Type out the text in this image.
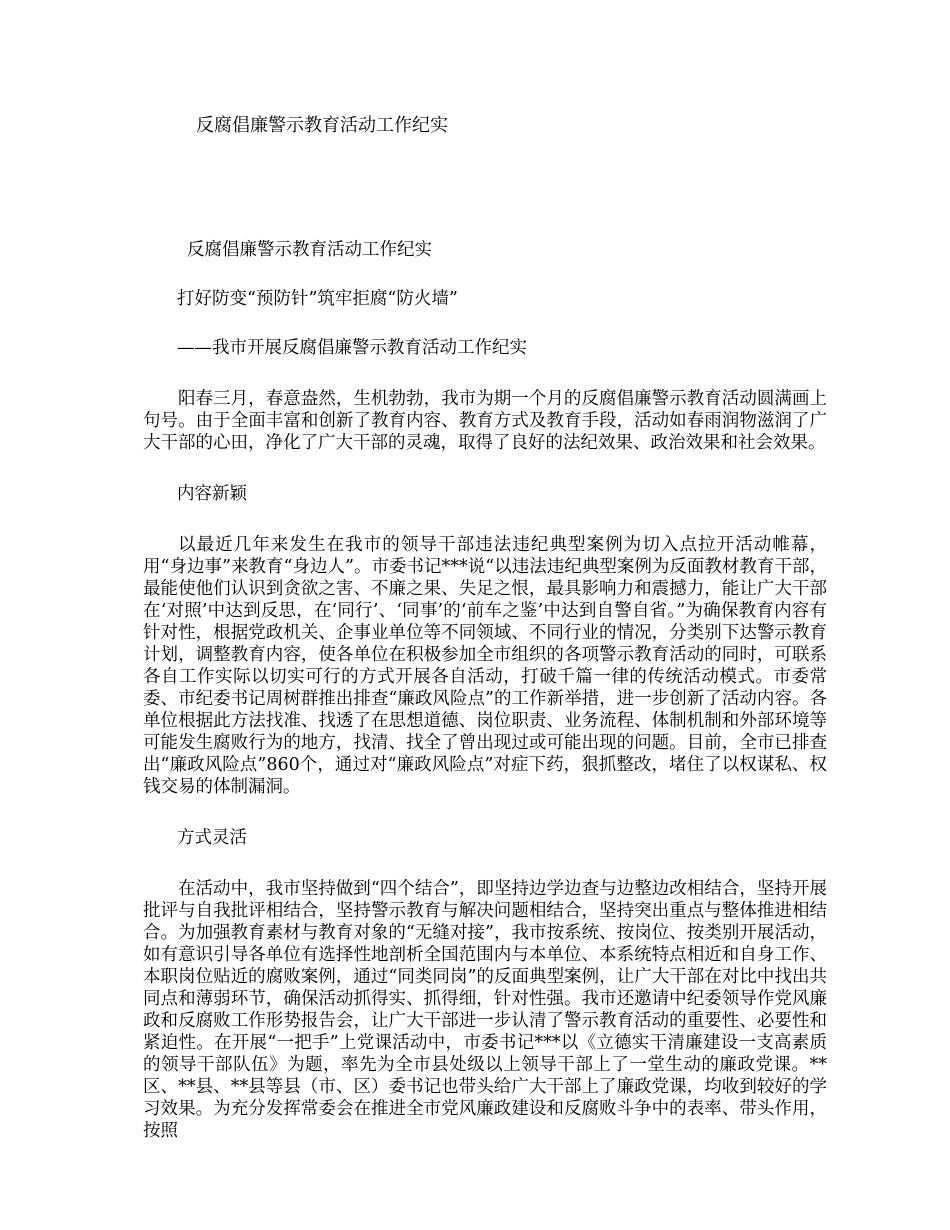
反腐倡廉警示教育活动工作纪实

反腐倡廉警示教育活动工作纪实

打好防变“预防针”筑牢拒腐“防火墙”

——我市开展反腐倡廉警示教育活动工作纪实

阳春三月，春意盎然，生机勃勃，我市为期一个月的反腐倡廉警示教育活动圆满画上句号。由于全面丰富和创新了教育内容、教育方式及教育手段，活动如春雨润物滋润了广大干部的心田，净化了广大干部的灵魂，取得了良好的法纪效果、政治效果和社会效果。

内容新颖

以最近几年来发生在我市的领导干部违法违纪典型案例为切入点拉开活动帷幕，用“身边事”来教育“身边人”。市委书记***说“以违法违纪典型案例为反面教材教育干部，最能使他们认识到贪欲之害、不廉之果、失足之恨，最具影响力和震撼力，能让广大干部在‘对照’中达到反思，在‘同行’、‘同事’的‘前车之鉴’中达到自警自省。”为确保教育内容有针对性，根据党政机关、企事业单位等不同领域、不同行业的情况，分类别下达警示教育计划，调整教育内容，使各单位在积极参加全市组织的各项警示教育活动的同时，可联系各自工作实际以切实可行的方式开展各自活动，打破千篇一律的传统活动模式。市委常委、市纪委书记周树群推出排查“廉政风险点”的工作新举措，进一步创新了活动内容。各单位根据此方法找准、找透了在思想道德、岗位职责、业务流程、体制机制和外部环境等可能发生腐败行为的地方，找清、找全了曾出现过或可能出现的问题。目前，全市已排查出“廉政风险点”860个，通过对“廉政风险点”对症下药，狠抓整改，堵住了以权谋私、权钱交易的体制漏洞。

方式灵活

在活动中，我市坚持做到“四个结合”，即坚持边学边查与边整边改相结合，坚持开展批评与自我批评相结合，坚持警示教育与解决问题相结合，坚持突出重点与整体推进相结合。为加强教育素材与教育对象的“无缝对接”，我市按系统、按岗位、按类别开展活动，如有意识引导各单位有选择性地剖析全国范围内与本单位、本系统特点相近和自身工作、本职岗位贴近的腐败案例，通过“同类同岗”的反面典型案例，让广大干部在对比中找出共同点和薄弱环节，确保活动抓得实、抓得细，针对性强。我市还邀请中纪委领导作党风廉政和反腐败工作形势报告会，让广大干部进一步认清了警示教育活动的重要性、必要性和紧迫性。在开展“一把手”上党课活动中，市委书记***以《立德实干清廉建设一支高素质的领导干部队伍》为题，率先为全市县处级以上领导干部上了一堂生动的廉政党课。**区、**县、**县等县（市、区）委书记也带头给广大干部上了廉政党课，均收到较好的学习效果。为充分发挥常委会在推进全市党风廉政建设和反腐败斗争中的表率、带头作用，按照
